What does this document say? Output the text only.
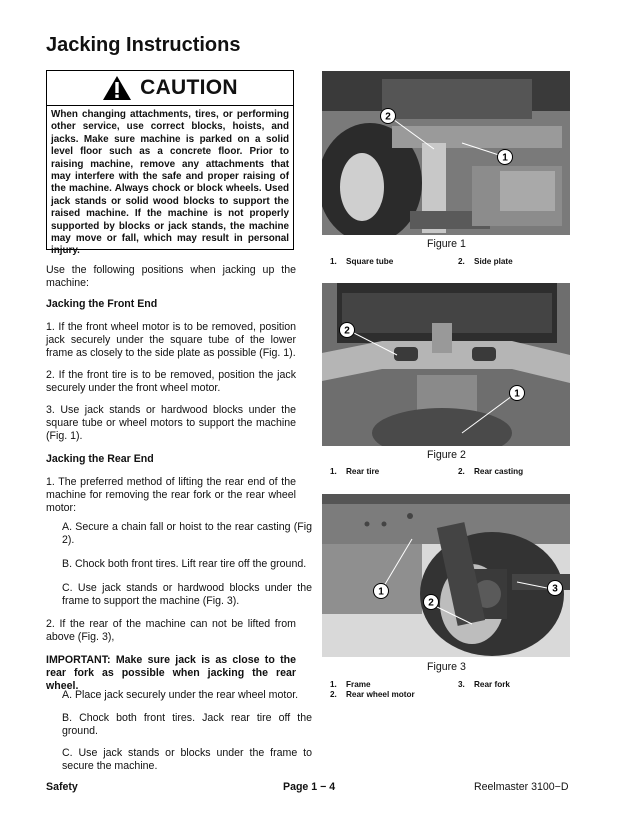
Jacking Instructions
CAUTION
When changing attachments, tires, or performing other service, use correct blocks, hoists, and jacks. Make sure machine is parked on a solid level floor such as a concrete floor. Prior to raising machine, remove any attachments that may interfere with the safe and proper raising of the machine. Always chock or block wheels. Used jack stands or solid wood blocks to support the raised machine. If the machine is not properly supported by blocks or jack stands, the machine may move or fall, which may result in personal injury.

Use the following positions when jacking up the machine:

Jacking the Front End

1. If the front wheel motor is to be removed, position jack securely under the square tube of the lower frame as closely to the side plate as possible (Fig. 1).

2. If the front tire is to be removed, position the jack securely under the front wheel motor.

3. Use jack stands or hardwood blocks under the square tube or wheel motors to support the machine (Fig. 1).

Jacking the Rear End

1. The preferred method of lifting the rear end of the machine for removing the rear fork or the rear wheel motor:

A. Secure a chain fall or hoist to the rear casting (Fig 2).

B. Chock both front tires. Lift rear tire off the ground.

C. Use jack stands or hardwood blocks under the frame to support the machine (Fig. 3).

2. If the rear of the machine can not be lifted from above (Fig. 3),

IMPORTANT: Make sure jack is as close to the rear fork as possible when jacking the rear wheel.

A. Place jack securely under the rear wheel motor.

B. Chock both front tires. Jack rear tire off the ground.

C. Use jack stands or blocks under the frame to secure the machine.

2
1
Figure 1
1.	Square tube	2.	Side plate
2
1
Figure 2
1.	Rear tire	2.	Rear casting
1
2
3
Figure 3
1.	Frame
2.	Rear wheel motor
3.	Rear fork
Safety	Page 1 − 4	Reelmaster 3100−D
